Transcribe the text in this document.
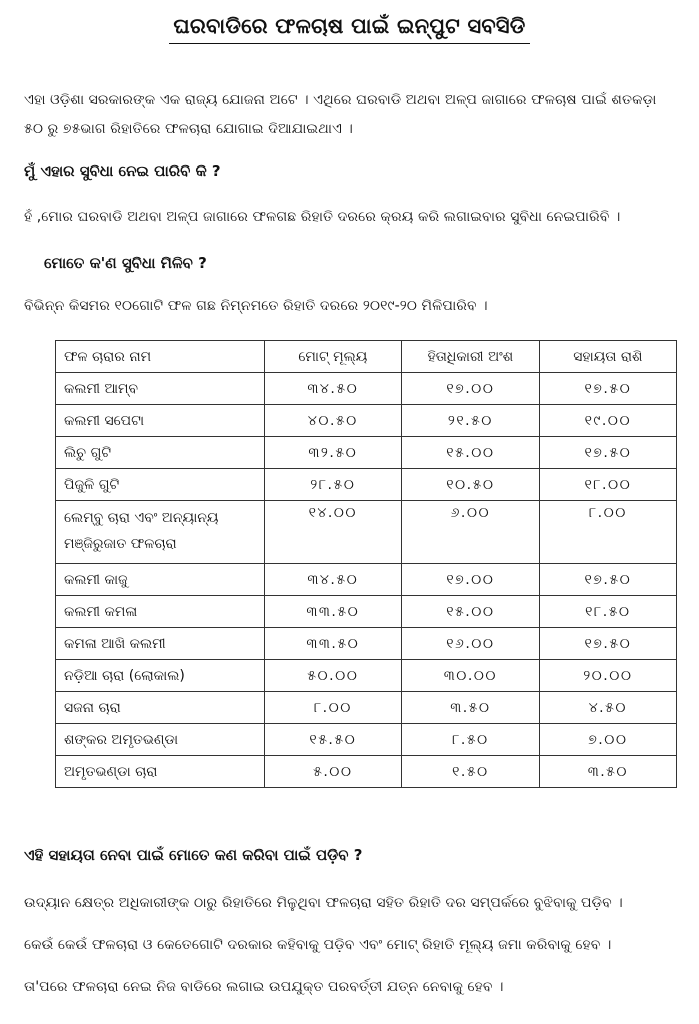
ଘରବାଡିରେ ଫଳଚାଷ ପାଇଁ ଇନ୍‌ପୁଟ ସବସିଡି
ଏହା ଓଡ଼ିଶା ସରକାରଙ୍କ ଏକ ରାଜ୍ୟ ଯୋଜନା ଅଟେ । ଏଥିରେ ଘରବାଡି ଅଥବା ଅଳ୍ପ ଜାଗାରେ ଫଳଚାଷ ପାଇଁ ଶତକଡ଼ା
୫୦ ରୁ ୭୫ଭାଗ ରିହାତିରେ ଫଳଚାରା ଯୋଗାଇ ଦିଆଯାଇଥାଏ ।
ମୁଁ ଏହାର ସୁବିଧା ନେଇ ପାରିବି କି ?
ହଁ ,ମୋର ଘରବାଡି ଅଥବା ଅଳ୍ପ ଜାଗାରେ ଫଳଗଛ ରିହାତି ଦରରେ କ୍ରୟ କରି ଲଗାଇବାର ସୁବିଧା ନେଇପାରିବି ।
ମୋତେ କ'ଣ ସୁବିଧା ମିଳିବ ?
ବିଭିନ୍ନ କିସମର ୧୦ଗୋଟି ଫଳ ଗଛ ନିମ୍ନମତେ ରିହାତି ଦରରେ ୨୦୧୯-୨୦ ମିଳିପାରିବ ।
ଫଳ ଚାରାର ନାମ	ମୋଟ୍ ମୂଲ୍ୟ	ହିତାଧିକାରୀ ଅଂଶ	ସହାୟତା ରାଶି
କଲମୀ ଆମ୍ବ	୩୪.୫୦	୧୭.୦୦	୧୭.୫୦
କଲମୀ ସପେଟା	୪୦.୫୦	୨୧.୫୦	୧୯.୦୦
ଲିଚୁ ଗୁଟି	୩୨.୫୦	୧୫.୦୦	୧୭.୫୦
ପିଜୁଳି ଗୁଟି	୨୮.୫୦	୧୦.୫୦	୧୮.୦୦
ଲେମ୍ବୁ ଚାରା ଏବଂ ଅନ୍ୟାନ୍ୟ ମଞ୍ଜିରୁଜାତ ଫଳଚାରା	୧୪.୦୦	୬.୦୦	୮.୦୦
କଲମୀ କାଜୁ	୩୪.୫୦	୧୭.୦୦	୧୭.୫୦
କଲମୀ କମଳା	୩୩.୫୦	୧୫.୦୦	୧୮.୫୦
କମଳା ଆଖି କଲମୀ	୩୩.୫୦	୧୬.୦୦	୧୭.୫୦
ନଡ଼ିଆ ଚାରା (ଲୋକାଲ)	୫୦.୦୦	୩୦.୦୦	୨୦.୦୦
ସଜନା ଚାରା	୮.୦୦	୩.୫୦	୪.୫୦
ଶଙ୍କର ଅମୃତଭଣ୍ଡା	୧୫.୫୦	୮.୫୦	୭.୦୦
ଅମୃତଭଣ୍ଡା ଚାରା	୫.୦୦	୧.୫୦	୩.୫୦
ଏହି ସହାୟତା ନେବା ପାଇଁ ମୋତେ କଣ କରିବା ପାଇଁ ପଡ଼ିବ ?
ଉଦ୍ୟାନ କ୍ଷେତ୍ର ଅଧିକାରୀଙ୍କ ଠାରୁ ରିହାତିରେ ମିଳୁଥିବା ଫଳଚାରା ସହିତ ରିହାତି ଦର ସମ୍ପର୍କରେ ବୁଝିବାକୁ ପଡ଼ିବ ।
କେଉଁ କେଉଁ ଫଳଚାରା ଓ କେତେଗୋଟି ଦରକାର କହିବାକୁ ପଡ଼ିବ ଏବଂ ମୋଟ୍ ରିହାତି ମୂଲ୍ୟ ଜମା କରିବାକୁ ହେବ ।
ତା'ପରେ ଫଳଚାରା ନେଇ ନିଜ ବାଡିରେ ଲଗାଇ ଉପଯୁକ୍ତ ପରବର୍ତ୍ତୀ ଯତ୍ନ ନେବାକୁ ହେବ ।
